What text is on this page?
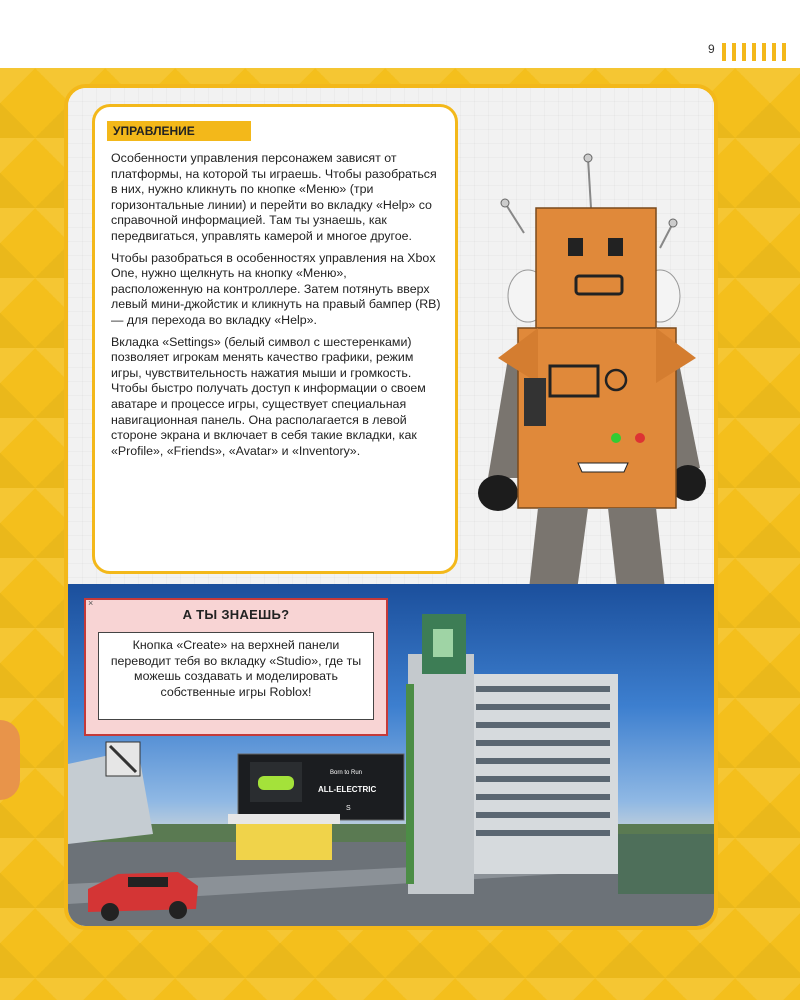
9
УПРАВЛЕНИЕ

Особенности управления персонажем зависят от платформы, на которой ты играешь. Чтобы разобраться в них, нужно кликнуть по кнопке «Меню» (три горизонтальные линии) и перейти во вкладку «Help» со справочной информацией. Там ты узнаешь, как передвигаться, управлять камерой и многое другое.

Чтобы разобраться в особенностях управления на Xbox One, нужно щелкнуть на кнопку «Меню», расположенную на контроллере. Затем потянуть вверх левый мини-джойстик и кликнуть на правый бампер (RB) — для перехода во вкладку «Help».

Вкладка «Settings» (белый символ с шестеренками) позволяет игрокам менять качество графики, режим игры, чувствительность нажатия мыши и громкость. Чтобы быстро получать доступ к информации о своем аватаре и процессе игры, существует специальная навигационная панель. Она располагается в левой стороне экрана и включает в себя такие вкладки, как «Profile», «Friends», «Avatar» и «Inventory».

Born to Run
ALL-ELECTRIC
S
×
А ТЫ ЗНАЕШЬ?
Кнопка «Create» на верхней панели переводит тебя во вкладку «Studio», где ты можешь создавать и моделировать собственные игры Roblox!
